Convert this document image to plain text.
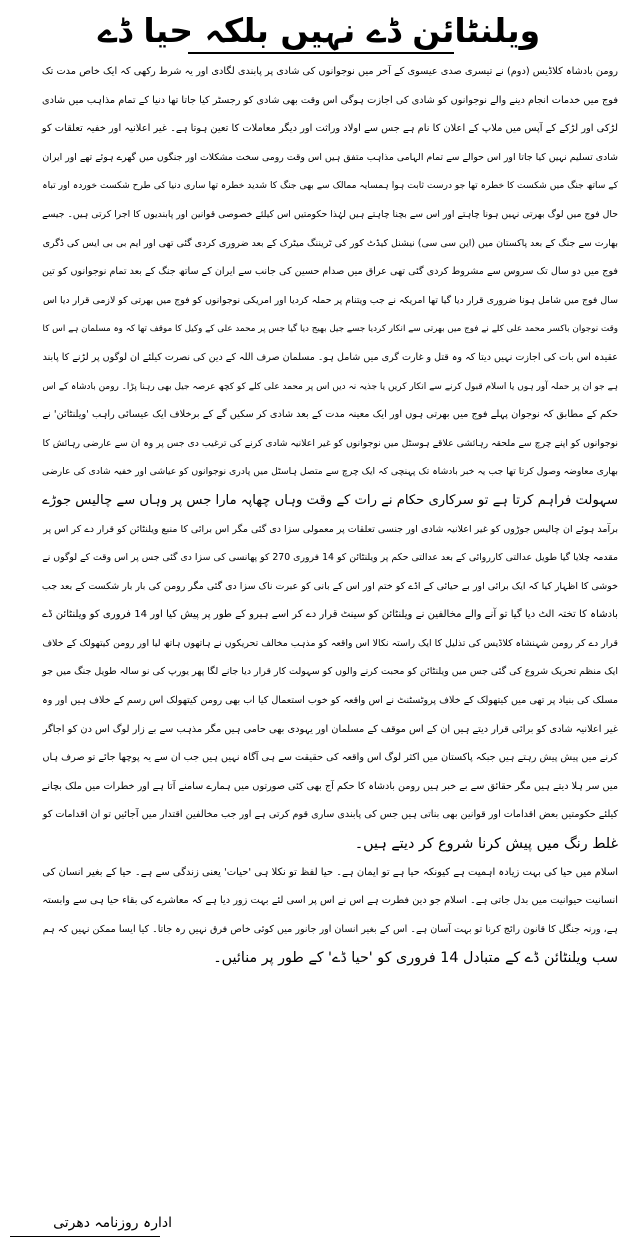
ویلنٹائن ڈے نہیں بلکہ حیا ڈے
رومن بادشاہ کلاڈیس (دوم) نے تیسری صدی عیسوی کے آخر میں نوجوانوں کی شادی پر پابندی لگادی اور یہ شرط رکھی کہ ایک خاص مدت تک
فوج میں خدمات انجام دینے والے نوجوانوں کو شادی کی اجازت ہوگی اس وقت بھی شادی کو رجسٹر کیا جاتا تھا دنیا کے تمام مذاہب میں شادی
لڑکی اور لڑکے کے آپس میں ملاپ کے اعلان کا نام ہے جس سے اولاد وراثت اور دیگر معاملات کا تعین ہوتا ہے۔ غیر اعلانیہ اور خفیہ تعلقات کو
شادی تسلیم نہیں کیا جاتا اور اس حوالے سے تمام الہامی مذاہب متفق ہیں اس وقت رومی سخت مشکلات اور جنگوں میں گھرے ہوئے تھے اور ایران
کے ساتھ جنگ میں شکست کا خطرہ تھا جو درست ثابت ہوا ہمسایہ ممالک سے بھی جنگ کا شدید خطرہ تھا ساری دنیا کی طرح شکست خوردہ اور تباہ
حال فوج میں لوگ بھرتی نہیں ہونا چاہتے اور اس سے بچنا چاہتے ہیں لہٰذا حکومتیں اس کیلئے خصوصی قوانین اور پابندیوں کا اجرا کرتی ہیں۔ جیسے
بھارت سے جنگ کے بعد پاکستان میں (این سی سی) نیشنل کیڈٹ کور کی ٹریننگ میٹرک کے بعد ضروری کردی گئی تھی اور ایم بی بی ایس کی ڈگری
فوج میں دو سال تک سروس سے مشروط کردی گئی تھی عراق میں صدام حسین کی جانب سے ایران کے ساتھ جنگ کے بعد تمام نوجوانوں کو تین
سال فوج میں شامل ہونا ضروری قرار دیا گیا تھا امریکہ نے جب ویتنام پر حملہ کردیا اور امریکی نوجوانوں کو فوج میں بھرتی کو لازمی قرار دیا اس
وقت نوجوان باکسر محمد علی کلے نے فوج میں بھرتی سے انکار کردیا جسے جیل بھیج دیا گیا جس پر محمد علی کے وکیل کا موقف تھا کہ وہ مسلمان ہے اس کا
عقیدہ اس بات کی اجازت نہیں دیتا کہ وہ قتل و غارت گری میں شامل ہو۔ مسلمان صرف اللہ کے دین کی نصرت کیلئے ان لوگوں پر لڑنے کا پابند
ہے جو ان پر حملہ آور ہوں یا اسلام قبول کرنے سے انکار کریں یا جذیہ نہ دیں اس پر محمد علی کلے کو کچھ عرصہ جیل بھی رہنا پڑا۔ رومن بادشاہ کے اس
حکم کے مطابق کہ نوجوان پہلے فوج میں بھرتی ہوں اور ایک معینہ مدت کے بعد شادی کر سکیں گے کے برخلاف ایک عیسائی راہب 'ویلنٹائن' نے
نوجوانوں کو اپنے چرچ سے ملحقہ رہائشی علاقے ہوسٹل میں نوجوانوں کو غیر اعلانیہ شادی کرنے کی ترغیب دی جس پر وہ ان سے عارضی رہائش کا
بھاری معاوضہ وصول کرتا تھا جب یہ خبر بادشاہ تک پہنچی کہ ایک چرچ سے متصل ہاسٹل میں پادری نوجوانوں کو عیاشی اور خفیہ شادی کی عارضی
سہولت فراہم کرتا ہے تو سرکاری حکام نے رات کے وقت وہاں چھاپہ مارا جس پر وہاں سے چالیس جوڑے
برآمد ہوئے ان چالیس جوڑوں کو غیر اعلانیہ شادی اور جنسی تعلقات پر معمولی سزا دی گئی مگر اس برائی کا منبع ویلنٹائن کو قرار دے کر اس پر
مقدمہ چلایا گیا طویل عدالتی کارروائی کے بعد عدالتی حکم پر ویلنٹائن کو 14 فروری 270 کو پھانسی کی سزا دی گئی جس پر اس وقت کے لوگوں نے
خوشی کا اظہار کیا کہ ایک برائی اور بے حیائی کے اڈے کو ختم اور اس کے بانی کو عبرت ناک سزا دی گئی مگر رومن کی بار بار شکست کے بعد جب
بادشاہ کا تختہ الٹ دیا گیا تو آنے والے مخالفین نے ویلنٹائن کو سینٹ قرار دے کر اسے ہیرو کے طور پر پیش کیا اور 14 فروری کو ویلنٹائن ڈے
قرار دے کر رومن شہنشاہ کلاڈیس کی تذلیل کا ایک راستہ نکالا اس واقعہ کو مذہب مخالف تحریکوں نے ہاتھوں ہاتھ لیا اور رومن کیتھولک کے خلاف
ایک منظم تحریک شروع کی گئی جس میں ویلنٹائن کو محبت کرنے والوں کو سہولت کار قرار دیا جانے لگا پھر یورپ کی نو سالہ طویل جنگ میں جو
مسلک کی بنیاد پر تھی میں کیتھولک کے خلاف پروٹسٹنٹ نے اس واقعہ کو خوب استعمال کیا اب بھی رومن کیتھولک اس رسم کے خلاف ہیں اور وہ
غیر اعلانیہ شادی کو برائی قرار دیتے ہیں ان کے اس موقف کے مسلمان اور یہودی بھی حامی ہیں مگر مذہب سے بے زار لوگ اس دن کو اجاگر
کرنے میں پیش پیش رہتے ہیں جبکہ پاکستان میں اکثر لوگ اس واقعہ کی حقیقت سے ہی آگاہ نہیں ہیں جب ان سے یہ پوچھا جائے تو صرف ہاں
میں سر ہلا دیتے ہیں مگر حقائق سے بے خبر ہیں رومن بادشاہ کا حکم آج بھی کئی صورتوں میں ہمارے سامنے آتا ہے اور خطرات میں ملک بچانے
کیلئے حکومتیں بعض اقدامات اور قوانین بھی بناتی ہیں جس کی پابندی ساری قوم کرتی ہے اور جب مخالفین اقتدار میں آجائیں تو ان اقدامات کو
غلط رنگ میں پیش کرنا شروع کر دیتے ہیں۔
اسلام میں حیا کی بہت زیادہ اہمیت ہے کیونکہ حیا ہے تو ایمان ہے۔ حیا لفظ تو نکلا ہی 'حیات' یعنی زندگی سے ہے۔ حیا کے بغیر انسان کی
انسانیت حیوانیت میں بدل جاتی ہے۔ اسلام جو دین فطرت ہے اس نے اس پر اسی لئے بہت زور دیا ہے کہ معاشرے کی بقاء حیا ہی سے وابستہ
ہے، ورنہ جنگل کا قانون رائج کرنا تو بہت آسان ہے۔ اس کے بغیر انسان اور جانور میں کوئی خاص فرق نہیں رہ جاتا۔ کیا ایسا ممکن نہیں کہ ہم
سب ویلنٹائن ڈے کے متبادل 14 فروری کو 'حیا ڈے' کے طور پر منائیں۔
ادارہ روزنامہ دھرتی
